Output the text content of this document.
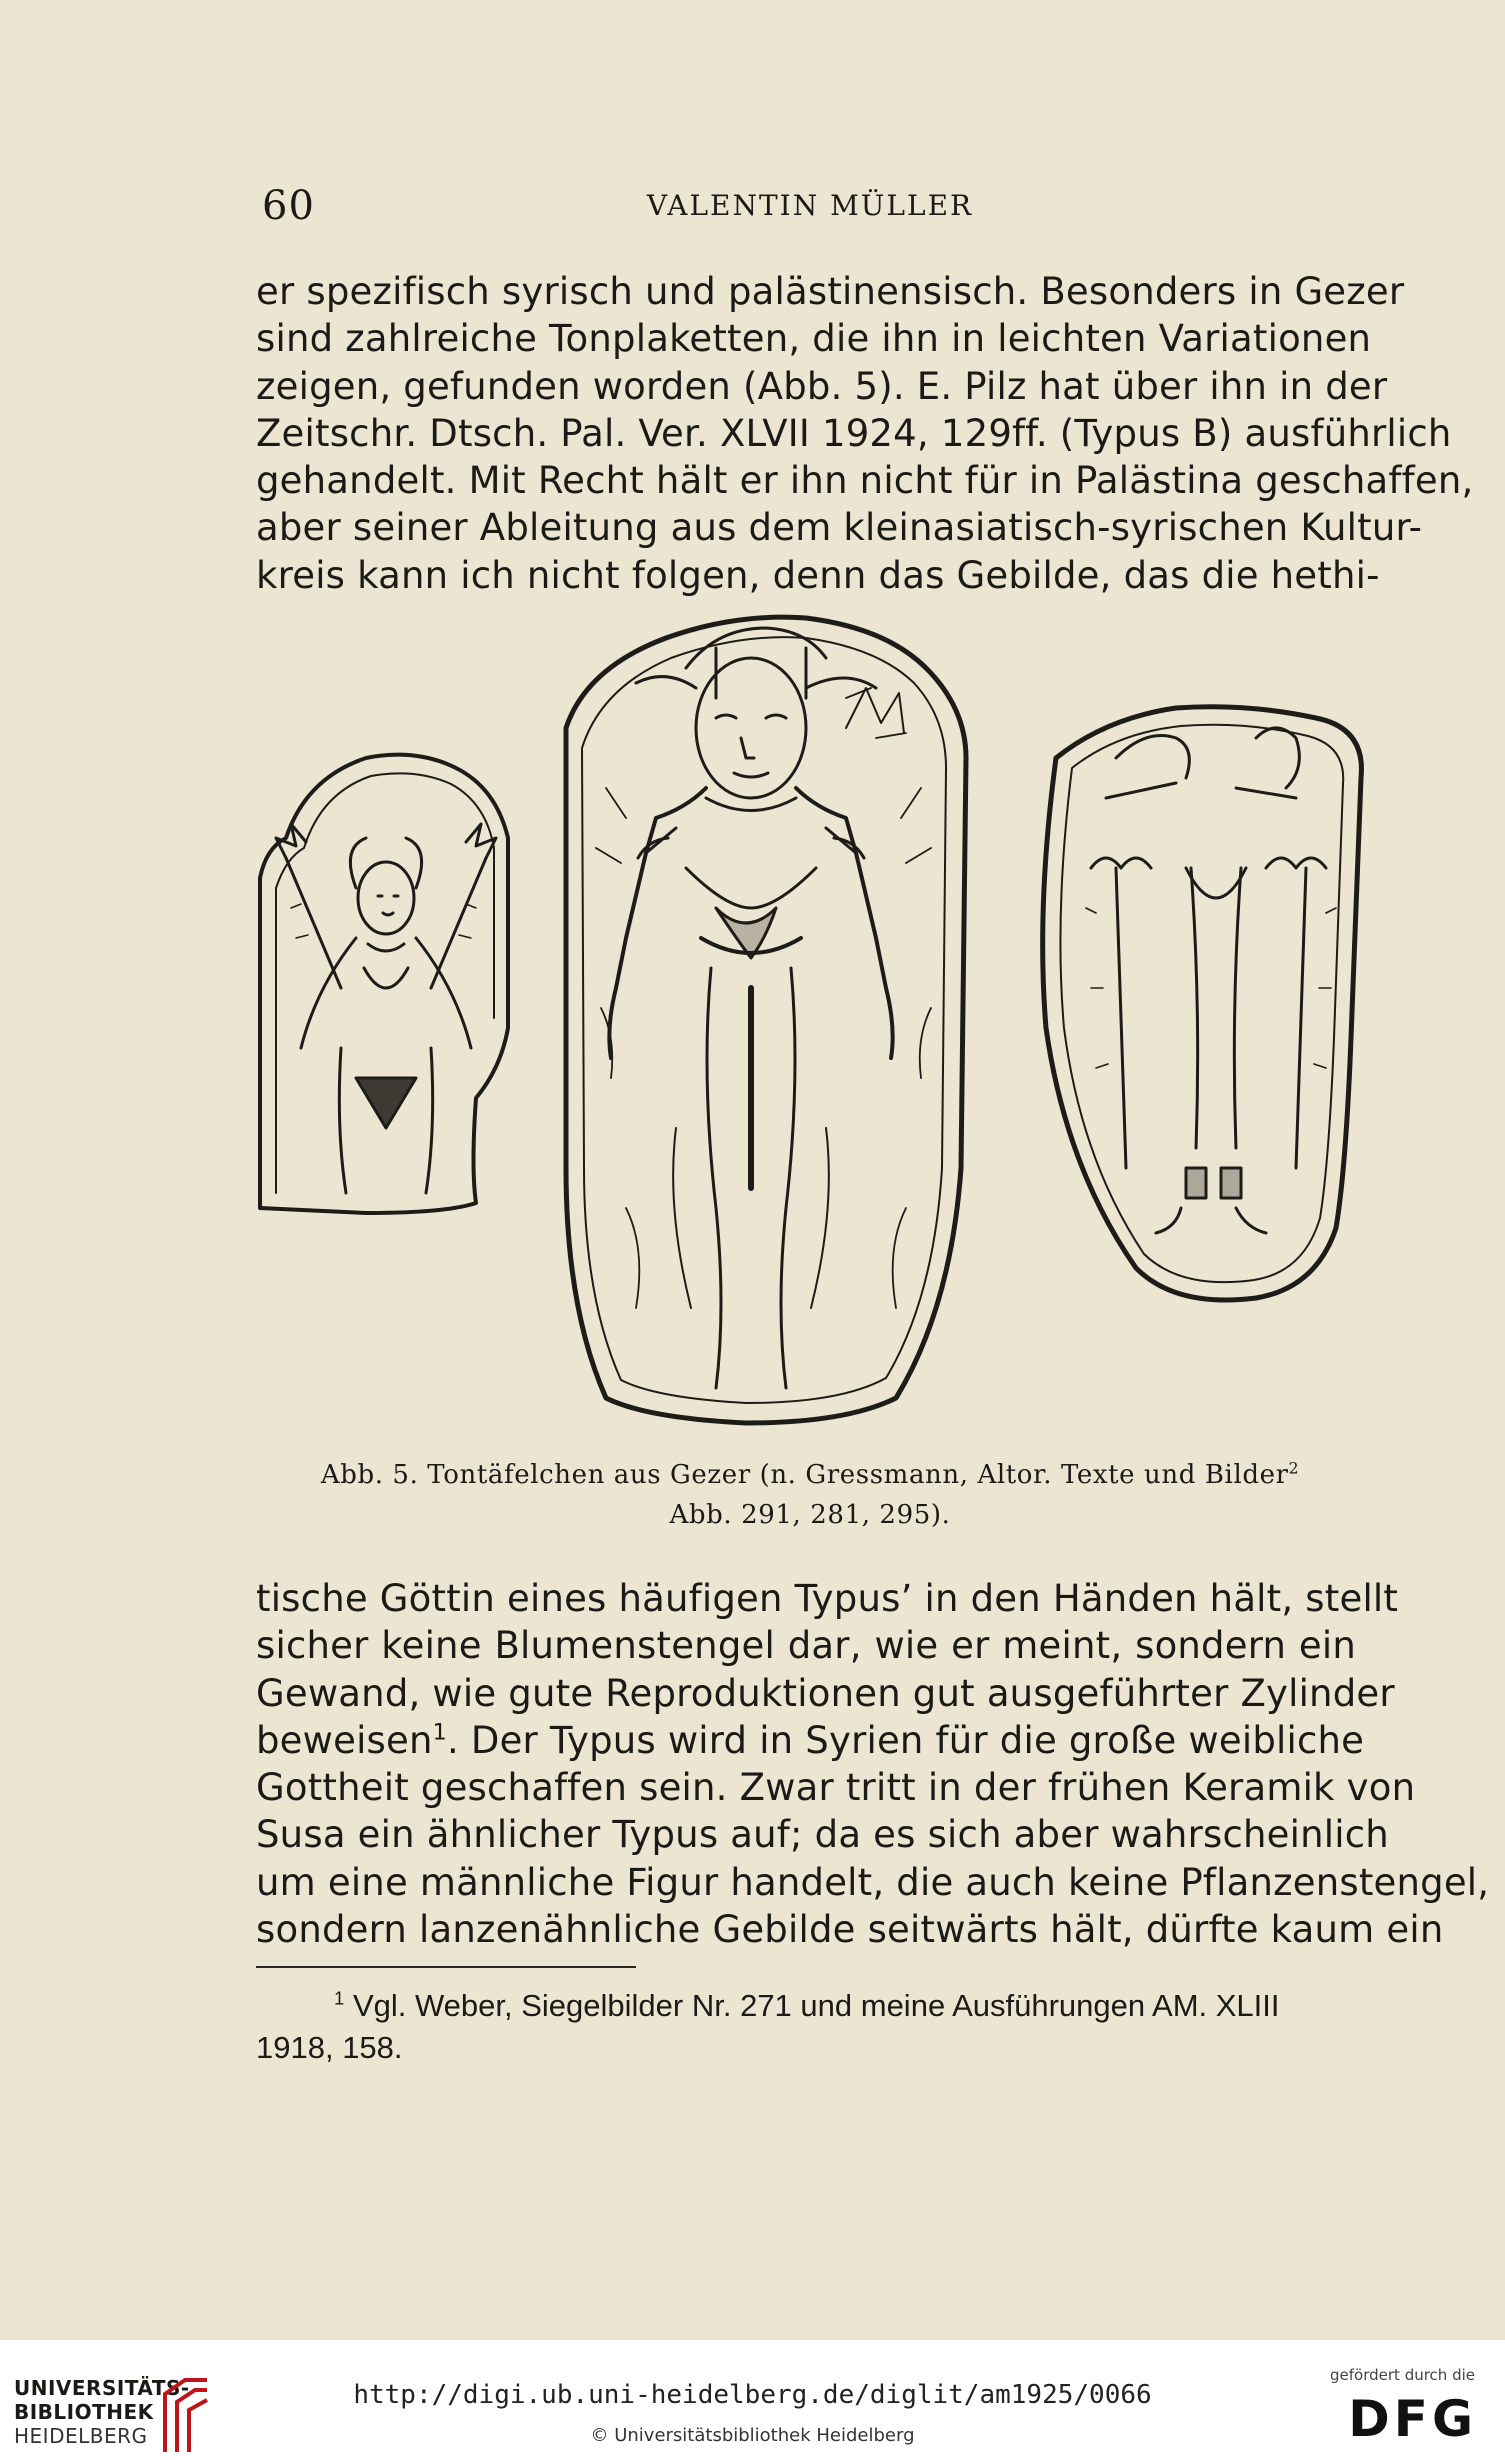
60	VALENTIN MÜLLER

er spezifisch syrisch und palästinensisch. Besonders in Gezer
sind zahlreiche Tonplaketten, die ihn in leichten Variationen
zeigen, gefunden worden (Abb. 5). E. Pilz hat über ihn in der
Zeitschr. Dtsch. Pal. Ver. XLVII 1924, 129ff. (Typus B) ausführlich
gehandelt. Mit Recht hält er ihn nicht für in Palästina geschaffen,
aber seiner Ableitung aus dem kleinasiatisch-syrischen Kultur-
kreis kann ich nicht folgen, denn das Gebilde, das die hethi-

Abb. 5. Tontäfelchen aus Gezer (n. Gressmann, Altor. Texte und Bilder$^2$
Abb. 291, 281, 295).

tische Göttin eines häufigen Typus’ in den Händen hält, stellt
sicher keine Blumenstengel dar, wie er meint, sondern ein
Gewand, wie gute Reproduktionen gut ausgeführter Zylinder
beweisen$^1$. Der Typus wird in Syrien für die große weibliche
Gottheit geschaffen sein. Zwar tritt in der frühen Keramik von
Susa ein ähnlicher Typus auf; da es sich aber wahrscheinlich
um eine männliche Figur handelt, die auch keine Pflanzenstengel,
sondern lanzenähnliche Gebilde seitwärts hält, dürfte kaum ein

$^1$ Vgl. Weber, Siegelbilder Nr. 271 und meine Ausführungen AM. XLIII
1918, 158.

UNIVERSITÄTS-
BIBLIOTHEK
HEIDELBERG
http://digi.ub.uni-heidelberg.de/diglit/am1925/0066
© Universitätsbibliothek Heidelberg
gefördert durch die
DFG
